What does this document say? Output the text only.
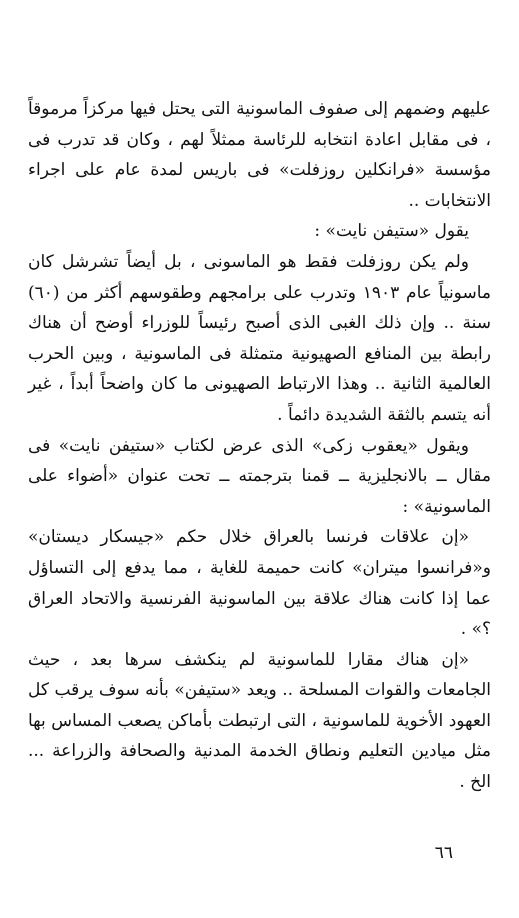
عليهم وضمهم إلى صفوف الماسونية التى يحتل فيها مركزاً مرموقاً ، فى مقابل اعادة انتخابه للرئاسة ممثلاً لهم ، وكان قد تدرب فى مؤسسة «فرانكلين روزفلت» فى باريس لمدة عام على اجراء الانتخابات ..

يقول «ستيفن نايت» :

ولم يكن روزفلت فقط هو الماسونى ، بل أيضاً تشرشل كان ماسونياً عام ١٩٠٣ وتدرب على برامجهم وطقوسهم أكثر من (٦٠) سنة .. وإن ذلك الغبى الذى أصبح رئيساً للوزراء أوضح أن هناك رابطة بين المنافع الصهيونية متمثلة فى الماسونية ، وبين الحرب العالمية الثانية .. وهذا الارتباط الصهيونى ما كان واضحاً أبداً ، غير أنه يتسم بالثقة الشديدة دائماً .

ويقول «يعقوب زكى» الذى عرض لكتاب «ستيفن نايت» فى مقال ــ بالانجليزية ــ قمنا بترجمته ــ تحت عنوان «أضواء على الماسونية» :

«إن علاقات فرنسا بالعراق خلال حكم «جيسكار ديستان» و«فرانسوا ميتران» كانت حميمة للغاية ، مما يدفع إلى التساؤل عما إذا كانت هناك علاقة بين الماسونية الفرنسية والاتحاد العراق ؟» .

«إن هناك مقارا للماسونية لم ينكشف سرها بعد ، حيث الجامعات والقوات المسلحة .. ويعد «ستيفن» بأنه سوف يرقب كل العهود الأخوية للماسونية ، التى ارتبطت بأماكن يصعب المساس بها مثل ميادين التعليم ونطاق الخدمة المدنية والصحافة والزراعة ... الخ .

٦٦
